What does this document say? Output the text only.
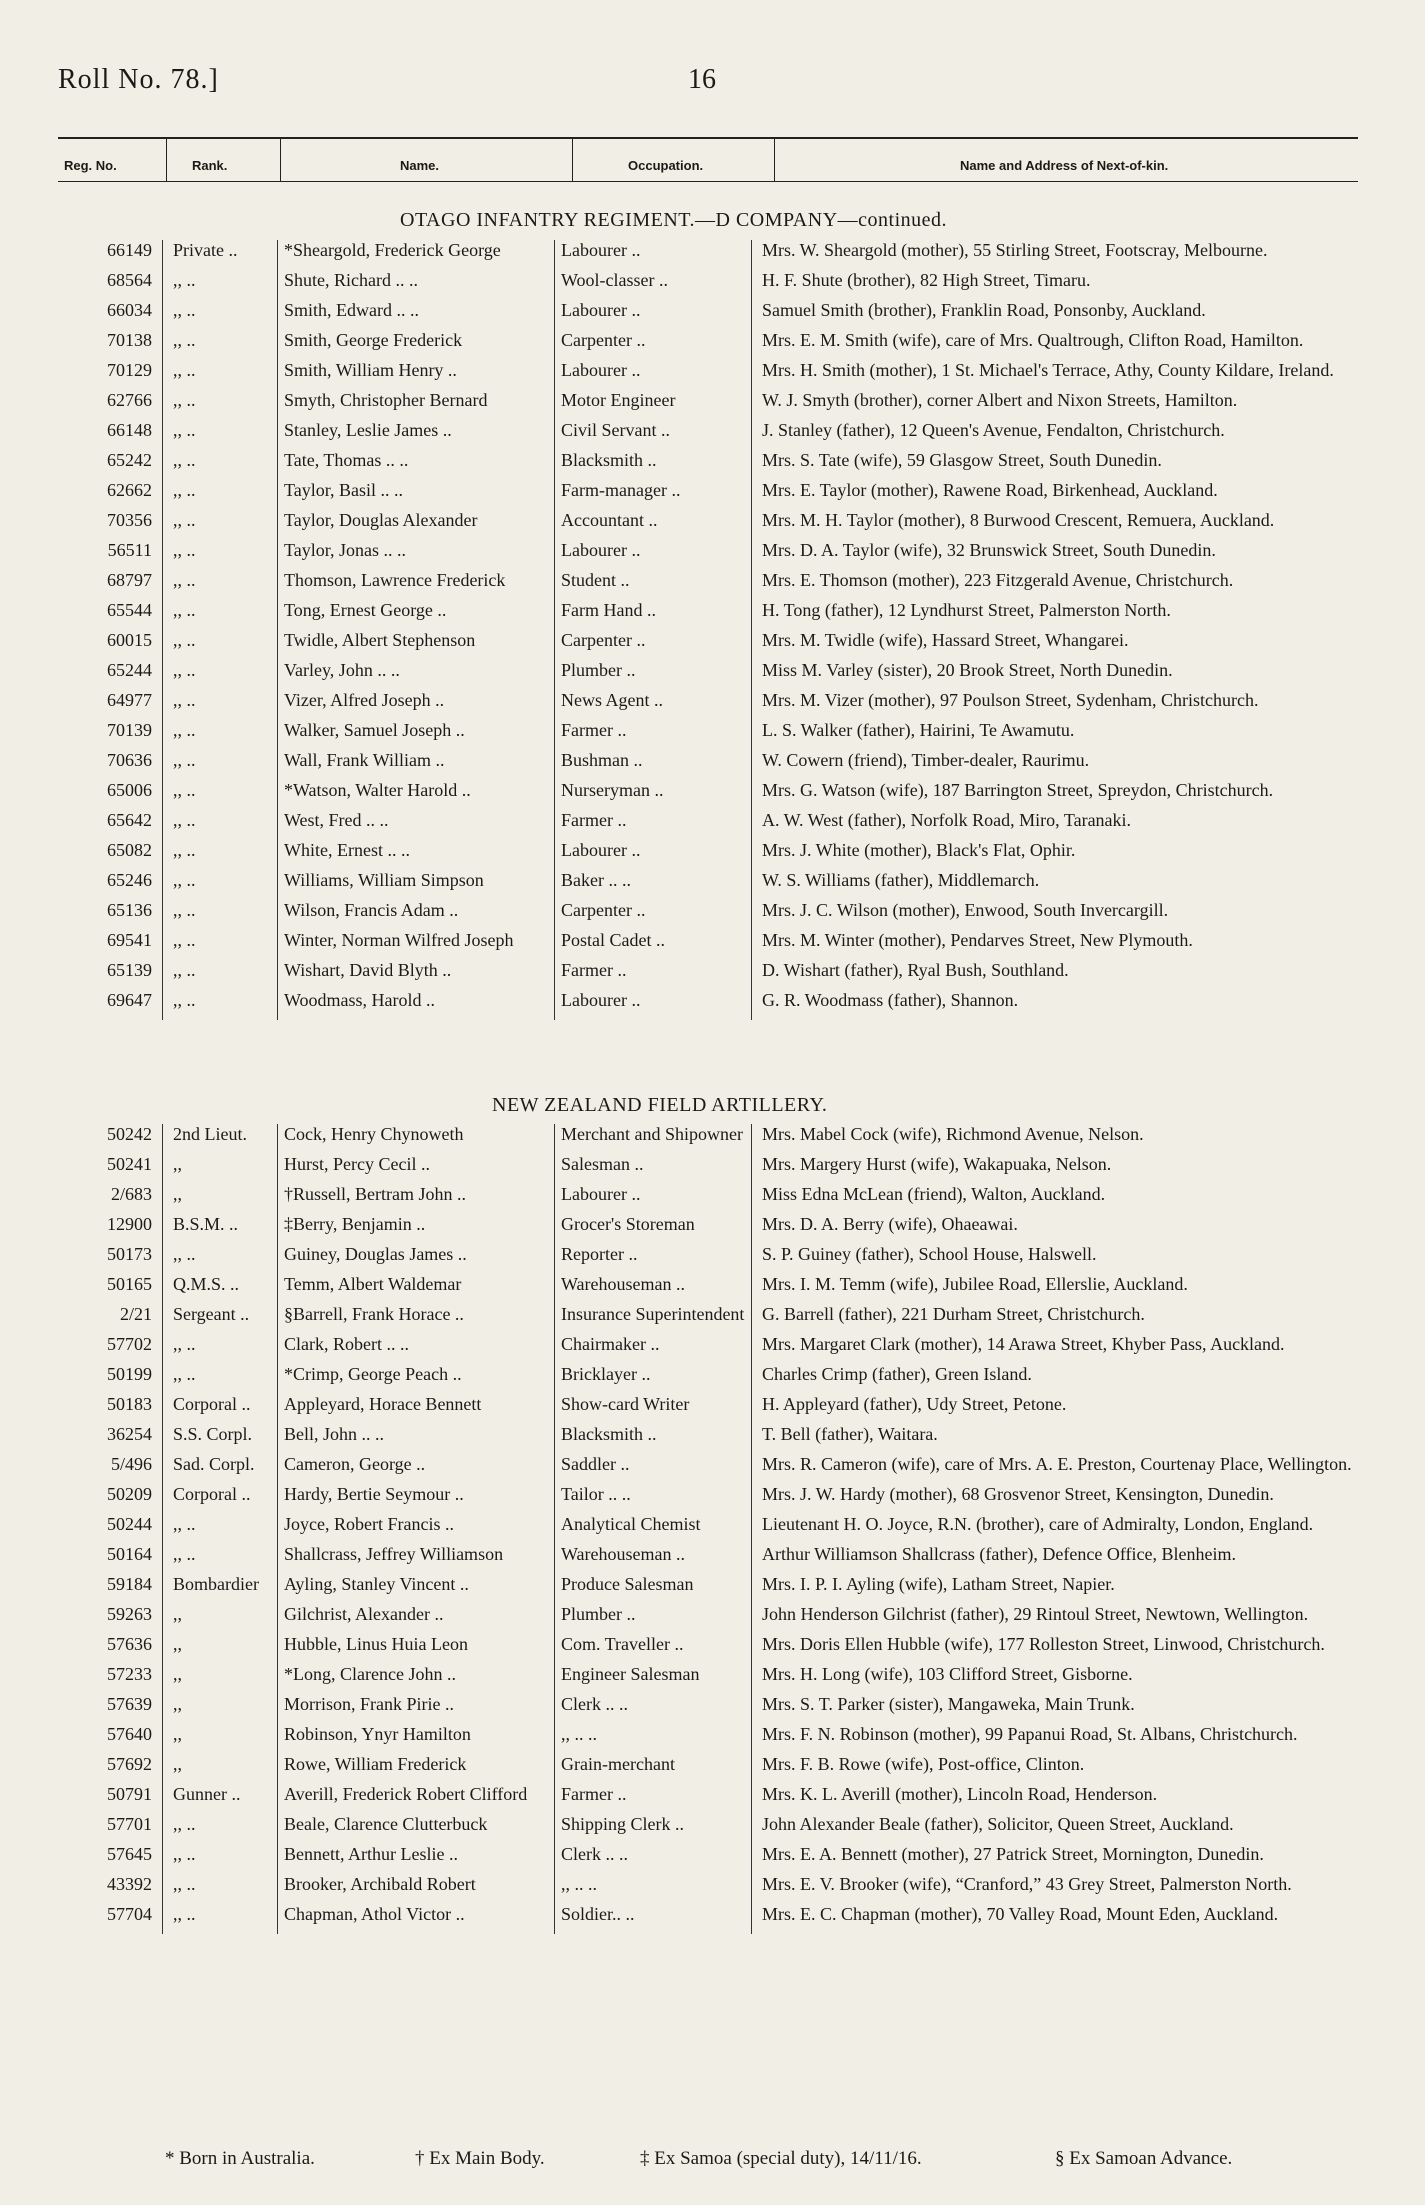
Roll No. 78.]	16
Reg. No.	Rank.	Name.	Occupation.	Name and Address of Next-of-kin.
OTAGO INFANTRY REGIMENT.—D COMPANY—continued.
66149	Private ..	*Sheargold, Frederick George	Labourer ..	Mrs. W. Sheargold (mother), 55 Stirling Street, Footscray, Melbourne.
68564	,, ..	Shute, Richard .. ..	Wool-classer ..	H. F. Shute (brother), 82 High Street, Timaru.
66034	,, ..	Smith, Edward .. ..	Labourer ..	Samuel Smith (brother), Franklin Road, Ponsonby, Auckland.
70138	,, ..	Smith, George Frederick	Carpenter ..	Mrs. E. M. Smith (wife), care of Mrs. Qualtrough, Clifton Road, Hamilton.
70129	,, ..	Smith, William Henry ..	Labourer ..	Mrs. H. Smith (mother), 1 St. Michael's Terrace, Athy, County Kildare, Ireland.
62766	,, ..	Smyth, Christopher Bernard	Motor Engineer	W. J. Smyth (brother), corner Albert and Nixon Streets, Hamilton.
66148	,, ..	Stanley, Leslie James ..	Civil Servant ..	J. Stanley (father), 12 Queen's Avenue, Fendalton, Christchurch.
65242	,, ..	Tate, Thomas .. ..	Blacksmith ..	Mrs. S. Tate (wife), 59 Glasgow Street, South Dunedin.
62662	,, ..	Taylor, Basil .. ..	Farm-manager ..	Mrs. E. Taylor (mother), Rawene Road, Birkenhead, Auckland.
70356	,, ..	Taylor, Douglas Alexander	Accountant ..	Mrs. M. H. Taylor (mother), 8 Burwood Crescent, Remuera, Auckland.
56511	,, ..	Taylor, Jonas .. ..	Labourer ..	Mrs. D. A. Taylor (wife), 32 Brunswick Street, South Dunedin.
68797	,, ..	Thomson, Lawrence Frederick	Student ..	Mrs. E. Thomson (mother), 223 Fitzgerald Avenue, Christchurch.
65544	,, ..	Tong, Ernest George ..	Farm Hand ..	H. Tong (father), 12 Lyndhurst Street, Palmerston North.
60015	,, ..	Twidle, Albert Stephenson	Carpenter ..	Mrs. M. Twidle (wife), Hassard Street, Whangarei.
65244	,, ..	Varley, John .. ..	Plumber ..	Miss M. Varley (sister), 20 Brook Street, North Dunedin.
64977	,, ..	Vizer, Alfred Joseph ..	News Agent ..	Mrs. M. Vizer (mother), 97 Poulson Street, Sydenham, Christchurch.
70139	,, ..	Walker, Samuel Joseph ..	Farmer ..	L. S. Walker (father), Hairini, Te Awamutu.
70636	,, ..	Wall, Frank William ..	Bushman ..	W. Cowern (friend), Timber-dealer, Raurimu.
65006	,, ..	*Watson, Walter Harold ..	Nurseryman ..	Mrs. G. Watson (wife), 187 Barrington Street, Spreydon, Christchurch.
65642	,, ..	West, Fred .. ..	Farmer ..	A. W. West (father), Norfolk Road, Miro, Taranaki.
65082	,, ..	White, Ernest .. ..	Labourer ..	Mrs. J. White (mother), Black's Flat, Ophir.
65246	,, ..	Williams, William Simpson	Baker .. ..	W. S. Williams (father), Middlemarch.
65136	,, ..	Wilson, Francis Adam ..	Carpenter ..	Mrs. J. C. Wilson (mother), Enwood, South Invercargill.
69541	,, ..	Winter, Norman Wilfred Joseph	Postal Cadet ..	Mrs. M. Winter (mother), Pendarves Street, New Plymouth.
65139	,, ..	Wishart, David Blyth ..	Farmer ..	D. Wishart (father), Ryal Bush, Southland.
69647	,, ..	Woodmass, Harold ..	Labourer ..	G. R. Woodmass (father), Shannon.
NEW ZEALAND FIELD ARTILLERY.
50242	2nd Lieut.	Cock, Henry Chynoweth	Merchant and Shipowner	Mrs. Mabel Cock (wife), Richmond Avenue, Nelson.
50241	,,	Hurst, Percy Cecil ..	Salesman ..	Mrs. Margery Hurst (wife), Wakapuaka, Nelson.
2/683	,,	†Russell, Bertram John ..	Labourer ..	Miss Edna McLean (friend), Walton, Auckland.
12900	B.S.M. ..	‡Berry, Benjamin ..	Grocer's Storeman	Mrs. D. A. Berry (wife), Ohaeawai.
50173	,, ..	Guiney, Douglas James ..	Reporter ..	S. P. Guiney (father), School House, Halswell.
50165	Q.M.S. ..	Temm, Albert Waldemar	Warehouseman ..	Mrs. I. M. Temm (wife), Jubilee Road, Ellerslie, Auckland.
2/21	Sergeant ..	§Barrell, Frank Horace ..	Insurance Superintendent	G. Barrell (father), 221 Durham Street, Christchurch.
57702	,, ..	Clark, Robert .. ..	Chairmaker ..	Mrs. Margaret Clark (mother), 14 Arawa Street, Khyber Pass, Auckland.
50199	,, ..	*Crimp, George Peach ..	Bricklayer ..	Charles Crimp (father), Green Island.
50183	Corporal ..	Appleyard, Horace Bennett	Show-card Writer	H. Appleyard (father), Udy Street, Petone.
36254	S.S. Corpl.	Bell, John .. ..	Blacksmith ..	T. Bell (father), Waitara.
5/496	Sad. Corpl.	Cameron, George ..	Saddler ..	Mrs. R. Cameron (wife), care of Mrs. A. E. Preston, Courtenay Place, Wellington.
50209	Corporal ..	Hardy, Bertie Seymour ..	Tailor .. ..	Mrs. J. W. Hardy (mother), 68 Grosvenor Street, Kensington, Dunedin.
50244	,, ..	Joyce, Robert Francis ..	Analytical Chemist	Lieutenant H. O. Joyce, R.N. (brother), care of Admiralty, London, England.
50164	,, ..	Shallcrass, Jeffrey Williamson	Warehouseman ..	Arthur Williamson Shallcrass (father), Defence Office, Blenheim.
59184	Bombardier	Ayling, Stanley Vincent ..	Produce Salesman	Mrs. I. P. I. Ayling (wife), Latham Street, Napier.
59263	,,	Gilchrist, Alexander ..	Plumber ..	John Henderson Gilchrist (father), 29 Rintoul Street, Newtown, Wellington.
57636	,,	Hubble, Linus Huia Leon	Com. Traveller ..	Mrs. Doris Ellen Hubble (wife), 177 Rolleston Street, Linwood, Christchurch.
57233	,,	*Long, Clarence John ..	Engineer Salesman	Mrs. H. Long (wife), 103 Clifford Street, Gisborne.
57639	,,	Morrison, Frank Pirie ..	Clerk .. ..	Mrs. S. T. Parker (sister), Mangaweka, Main Trunk.
57640	,,	Robinson, Ynyr Hamilton	,, .. ..	Mrs. F. N. Robinson (mother), 99 Papanui Road, St. Albans, Christchurch.
57692	,,	Rowe, William Frederick	Grain-merchant	Mrs. F. B. Rowe (wife), Post-office, Clinton.
50791	Gunner ..	Averill, Frederick Robert Clifford	Farmer ..	Mrs. K. L. Averill (mother), Lincoln Road, Henderson.
57701	,, ..	Beale, Clarence Clutterbuck	Shipping Clerk ..	John Alexander Beale (father), Solicitor, Queen Street, Auckland.
57645	,, ..	Bennett, Arthur Leslie ..	Clerk .. ..	Mrs. E. A. Bennett (mother), 27 Patrick Street, Mornington, Dunedin.
43392	,, ..	Brooker, Archibald Robert	,, .. ..	Mrs. E. V. Brooker (wife), “Cranford,” 43 Grey Street, Palmerston North.
57704	,, ..	Chapman, Athol Victor ..	Soldier.. ..	Mrs. E. C. Chapman (mother), 70 Valley Road, Mount Eden, Auckland.
* Born in Australia.	† Ex Main Body.	‡ Ex Samoa (special duty), 14/11/16.	§ Ex Samoan Advance.
